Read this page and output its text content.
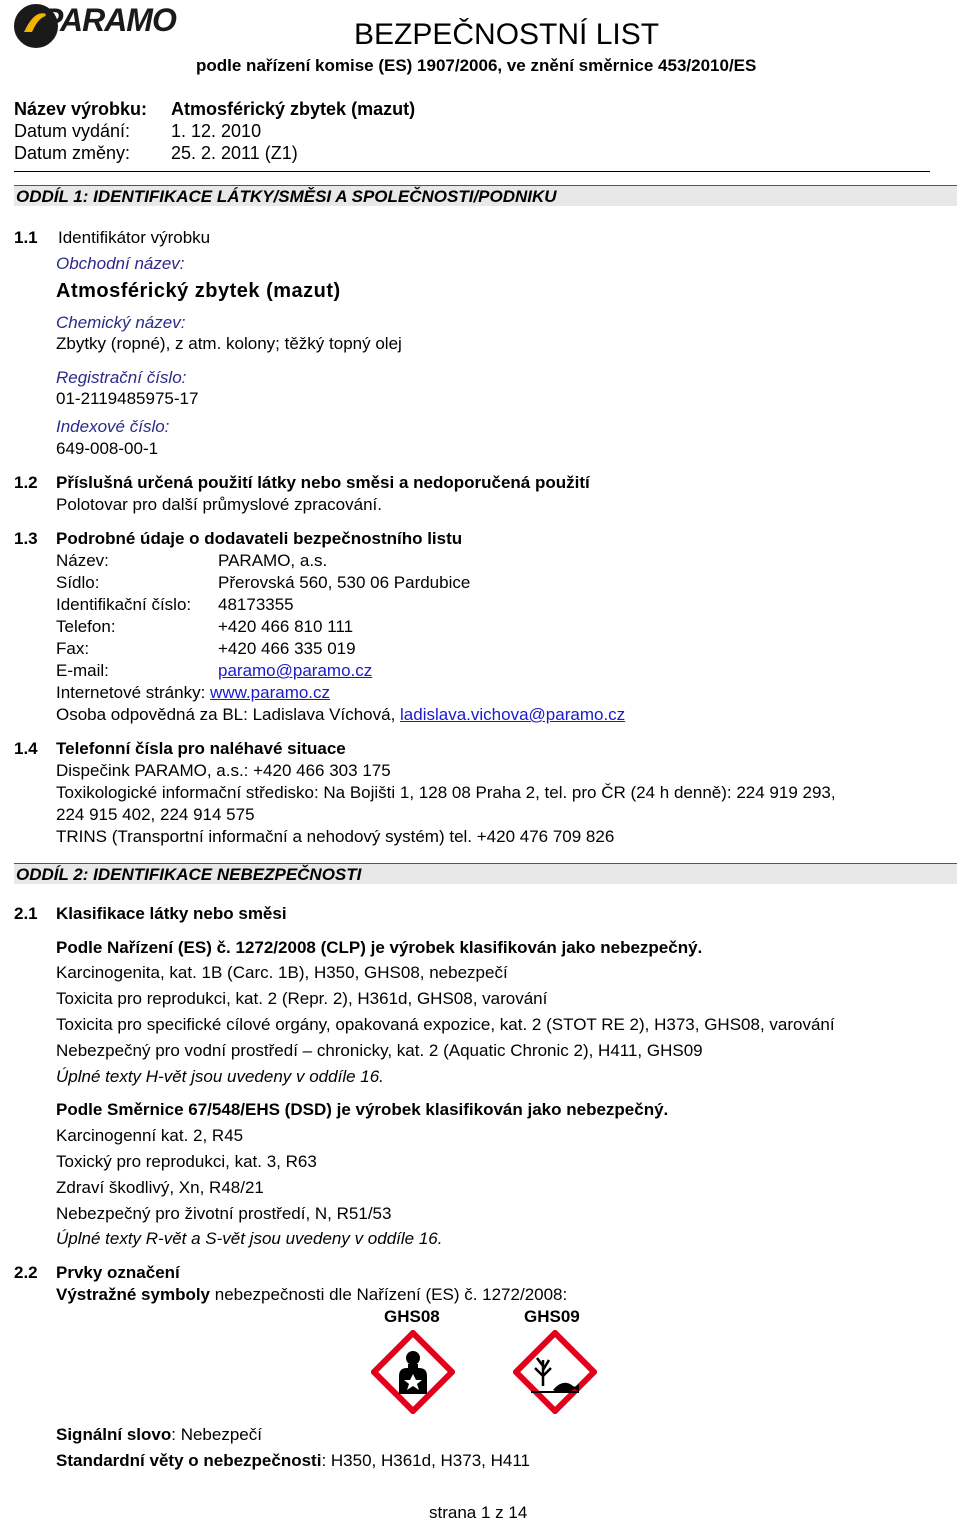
PARAMO	BEZPEČNOSTNÍ LIST
podle nařízení komise (ES) 1907/2006, ve znění směrnice 453/2010/ES
Název výrobku: Atmosférický zbytek (mazut)
Datum vydání: 1. 12. 2010
Datum změny: 25. 2. 2011 (Z1)
ODDÍL 1: IDENTIFIKACE LÁTKY/SMĚSI A SPOLEČNOSTI/PODNIKU
1.1 Identifikátor výrobku
Obchodní název:
Atmosférický zbytek (mazut)
Chemický název:
Zbytky (ropné), z atm. kolony; těžký topný olej
Registrační číslo:
01-2119485975-17
Indexové číslo:
649-008-00-1
1.2 Příslušná určená použití látky nebo směsi a nedoporučená použití
Polotovar pro další průmyslové zpracování.
1.3 Podrobné údaje o dodavateli bezpečnostního listu
Název:	PARAMO, a.s.
Sídlo:	Přerovská 560, 530 06 Pardubice
Identifikační číslo: 48173355
Telefon:	+420 466 810 111
Fax:	+420 466 335 019
E-mail:	paramo@paramo.cz
Internetové stránky: www.paramo.cz
Osoba odpovědná za BL: Ladislava Víchová, ladislava.vichova@paramo.cz
1.4 Telefonní čísla pro naléhavé situace
Dispečink PARAMO, a.s.: +420 466 303 175
Toxikologické informační středisko: Na Bojišti 1, 128 08 Praha 2, tel. pro ČR (24 h denně): 224 919 293,
224 915 402, 224 914 575
TRINS (Transportní informační a nehodový systém) tel. +420 476 709 826
ODDÍL 2: IDENTIFIKACE NEBEZPEČNOSTI
2.1 Klasifikace látky nebo směsi
Podle Nařízení (ES) č. 1272/2008 (CLP) je výrobek klasifikován jako nebezpečný.
Karcinogenita, kat. 1B (Carc. 1B), H350, GHS08, nebezpečí
Toxicita pro reprodukci, kat. 2 (Repr. 2), H361d, GHS08, varování
Toxicita pro specifické cílové orgány, opakovaná expozice, kat. 2 (STOT RE 2), H373, GHS08, varování
Nebezpečný pro vodní prostředí – chronicky, kat. 2 (Aquatic Chronic 2), H411, GHS09
Úplné texty H-vět jsou uvedeny v oddíle 16.
Podle Směrnice 67/548/EHS (DSD) je výrobek klasifikován jako nebezpečný.
Karcinogenní kat. 2, R45
Toxický pro reprodukci, kat. 3, R63
Zdraví škodlivý, Xn, R48/21
Nebezpečný pro životní prostředí, N, R51/53
Úplné texty R-vět a S-vět jsou uvedeny v oddíle 16.
2.2 Prvky označení
Výstražné symboly nebezpečnosti dle Nařízení (ES) č. 1272/2008:
GHS08	GHS09
Signální slovo: Nebezpečí
Standardní věty o nebezpečnosti: H350, H361d, H373, H411
strana 1 z 14
